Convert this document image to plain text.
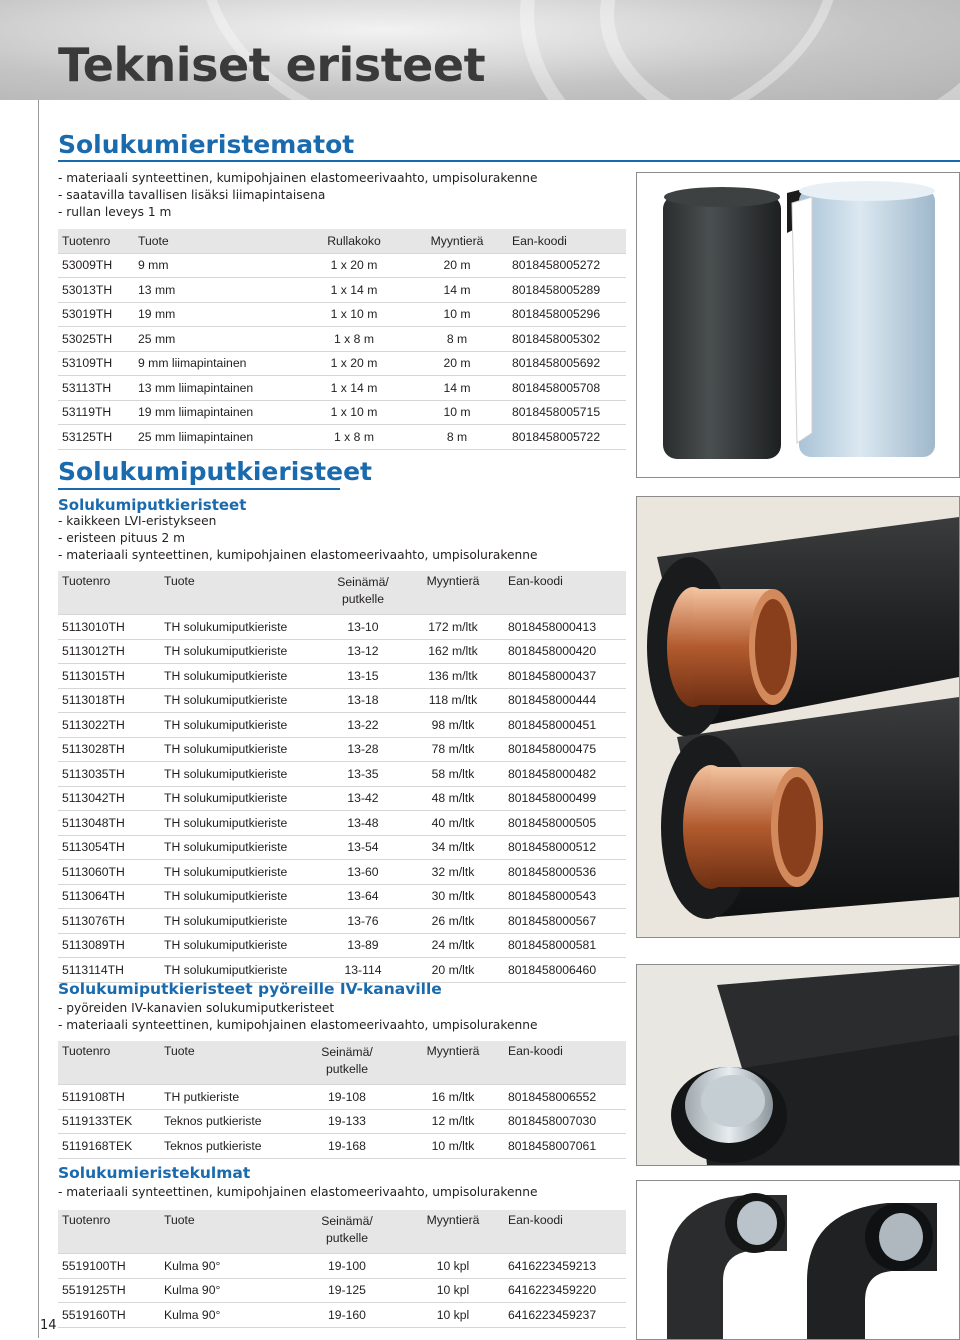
Tekniset eristeet
14
Solukumieristematot
- materiaali synteettinen, kumipohjainen elastomeerivaahto, umpisolurakenne
- saatavilla tavallisen lisäksi liimapintaisena
- rullan leveys 1 m
Tuotenro	Tuote	Rullakoko	Myyntierä	Ean-koodi
53009TH	9 mm	1 x 20 m	20 m	8018458005272
53013TH	13 mm	1 x 14 m	14 m	8018458005289
53019TH	19 mm	1 x 10 m	10 m	8018458005296
53025TH	25 mm	1 x 8 m	8 m	8018458005302
53109TH	9 mm liimapintainen	1 x 20 m	20 m	8018458005692
53113TH	13 mm liimapintainen	1 x 14 m	14 m	8018458005708
53119TH	19 mm liimapintainen	1 x 10 m	10 m	8018458005715
53125TH	25 mm liimapintainen	1 x 8 m	8 m	8018458005722
Solukumiputkieristeet
Solukumiputkieristeet
- kaikkeen LVI-eristykseen
- eristeen pituus 2 m
- materiaali synteettinen, kumipohjainen elastomeerivaahto, umpisolurakenne
Tuotenro	Tuote	Seinämä/
putkelle	Myyntierä	Ean-koodi
5113010TH	TH solukumiputkieriste	13-10	172 m/ltk	8018458000413
5113012TH	TH solukumiputkieriste	13-12	162 m/ltk	8018458000420
5113015TH	TH solukumiputkieriste	13-15	136 m/ltk	8018458000437
5113018TH	TH solukumiputkieriste	13-18	118 m/ltk	8018458000444
5113022TH	TH solukumiputkieriste	13-22	98 m/ltk	8018458000451
5113028TH	TH solukumiputkieriste	13-28	78 m/ltk	8018458000475
5113035TH	TH solukumiputkieriste	13-35	58 m/ltk	8018458000482
5113042TH	TH solukumiputkieriste	13-42	48 m/ltk	8018458000499
5113048TH	TH solukumiputkieriste	13-48	40 m/ltk	8018458000505
5113054TH	TH solukumiputkieriste	13-54	34 m/ltk	8018458000512
5113060TH	TH solukumiputkieriste	13-60	32 m/ltk	8018458000536
5113064TH	TH solukumiputkieriste	13-64	30 m/ltk	8018458000543
5113076TH	TH solukumiputkieriste	13-76	26 m/ltk	8018458000567
5113089TH	TH solukumiputkieriste	13-89	24 m/ltk	8018458000581
5113114TH	TH solukumiputkieriste	13-114	20 m/ltk	8018458006460
Solukumiputkieristeet pyöreille IV-kanaville
- pyöreiden IV-kanavien solukumiputkeristeet
- materiaali synteettinen, kumipohjainen elastomeerivaahto, umpisolurakenne
Tuotenro	Tuote	Seinämä/
putkelle	Myyntierä	Ean-koodi
5119108TH	TH putkieriste	19-108	16 m/ltk	8018458006552
5119133TEK	Teknos putkieriste	19-133	12 m/ltk	8018458007030
5119168TEK	Teknos putkieriste	19-168	10 m/ltk	8018458007061
Solukumieristekulmat
- materiaali synteettinen, kumipohjainen elastomeerivaahto, umpisolurakenne
Tuotenro	Tuote	Seinämä/
putkelle	Myyntierä	Ean-koodi
5519100TH	Kulma 90°	19-100	10 kpl	6416223459213
5519125TH	Kulma 90°	19-125	10 kpl	6416223459220
5519160TH	Kulma 90°	19-160	10 kpl	6416223459237
